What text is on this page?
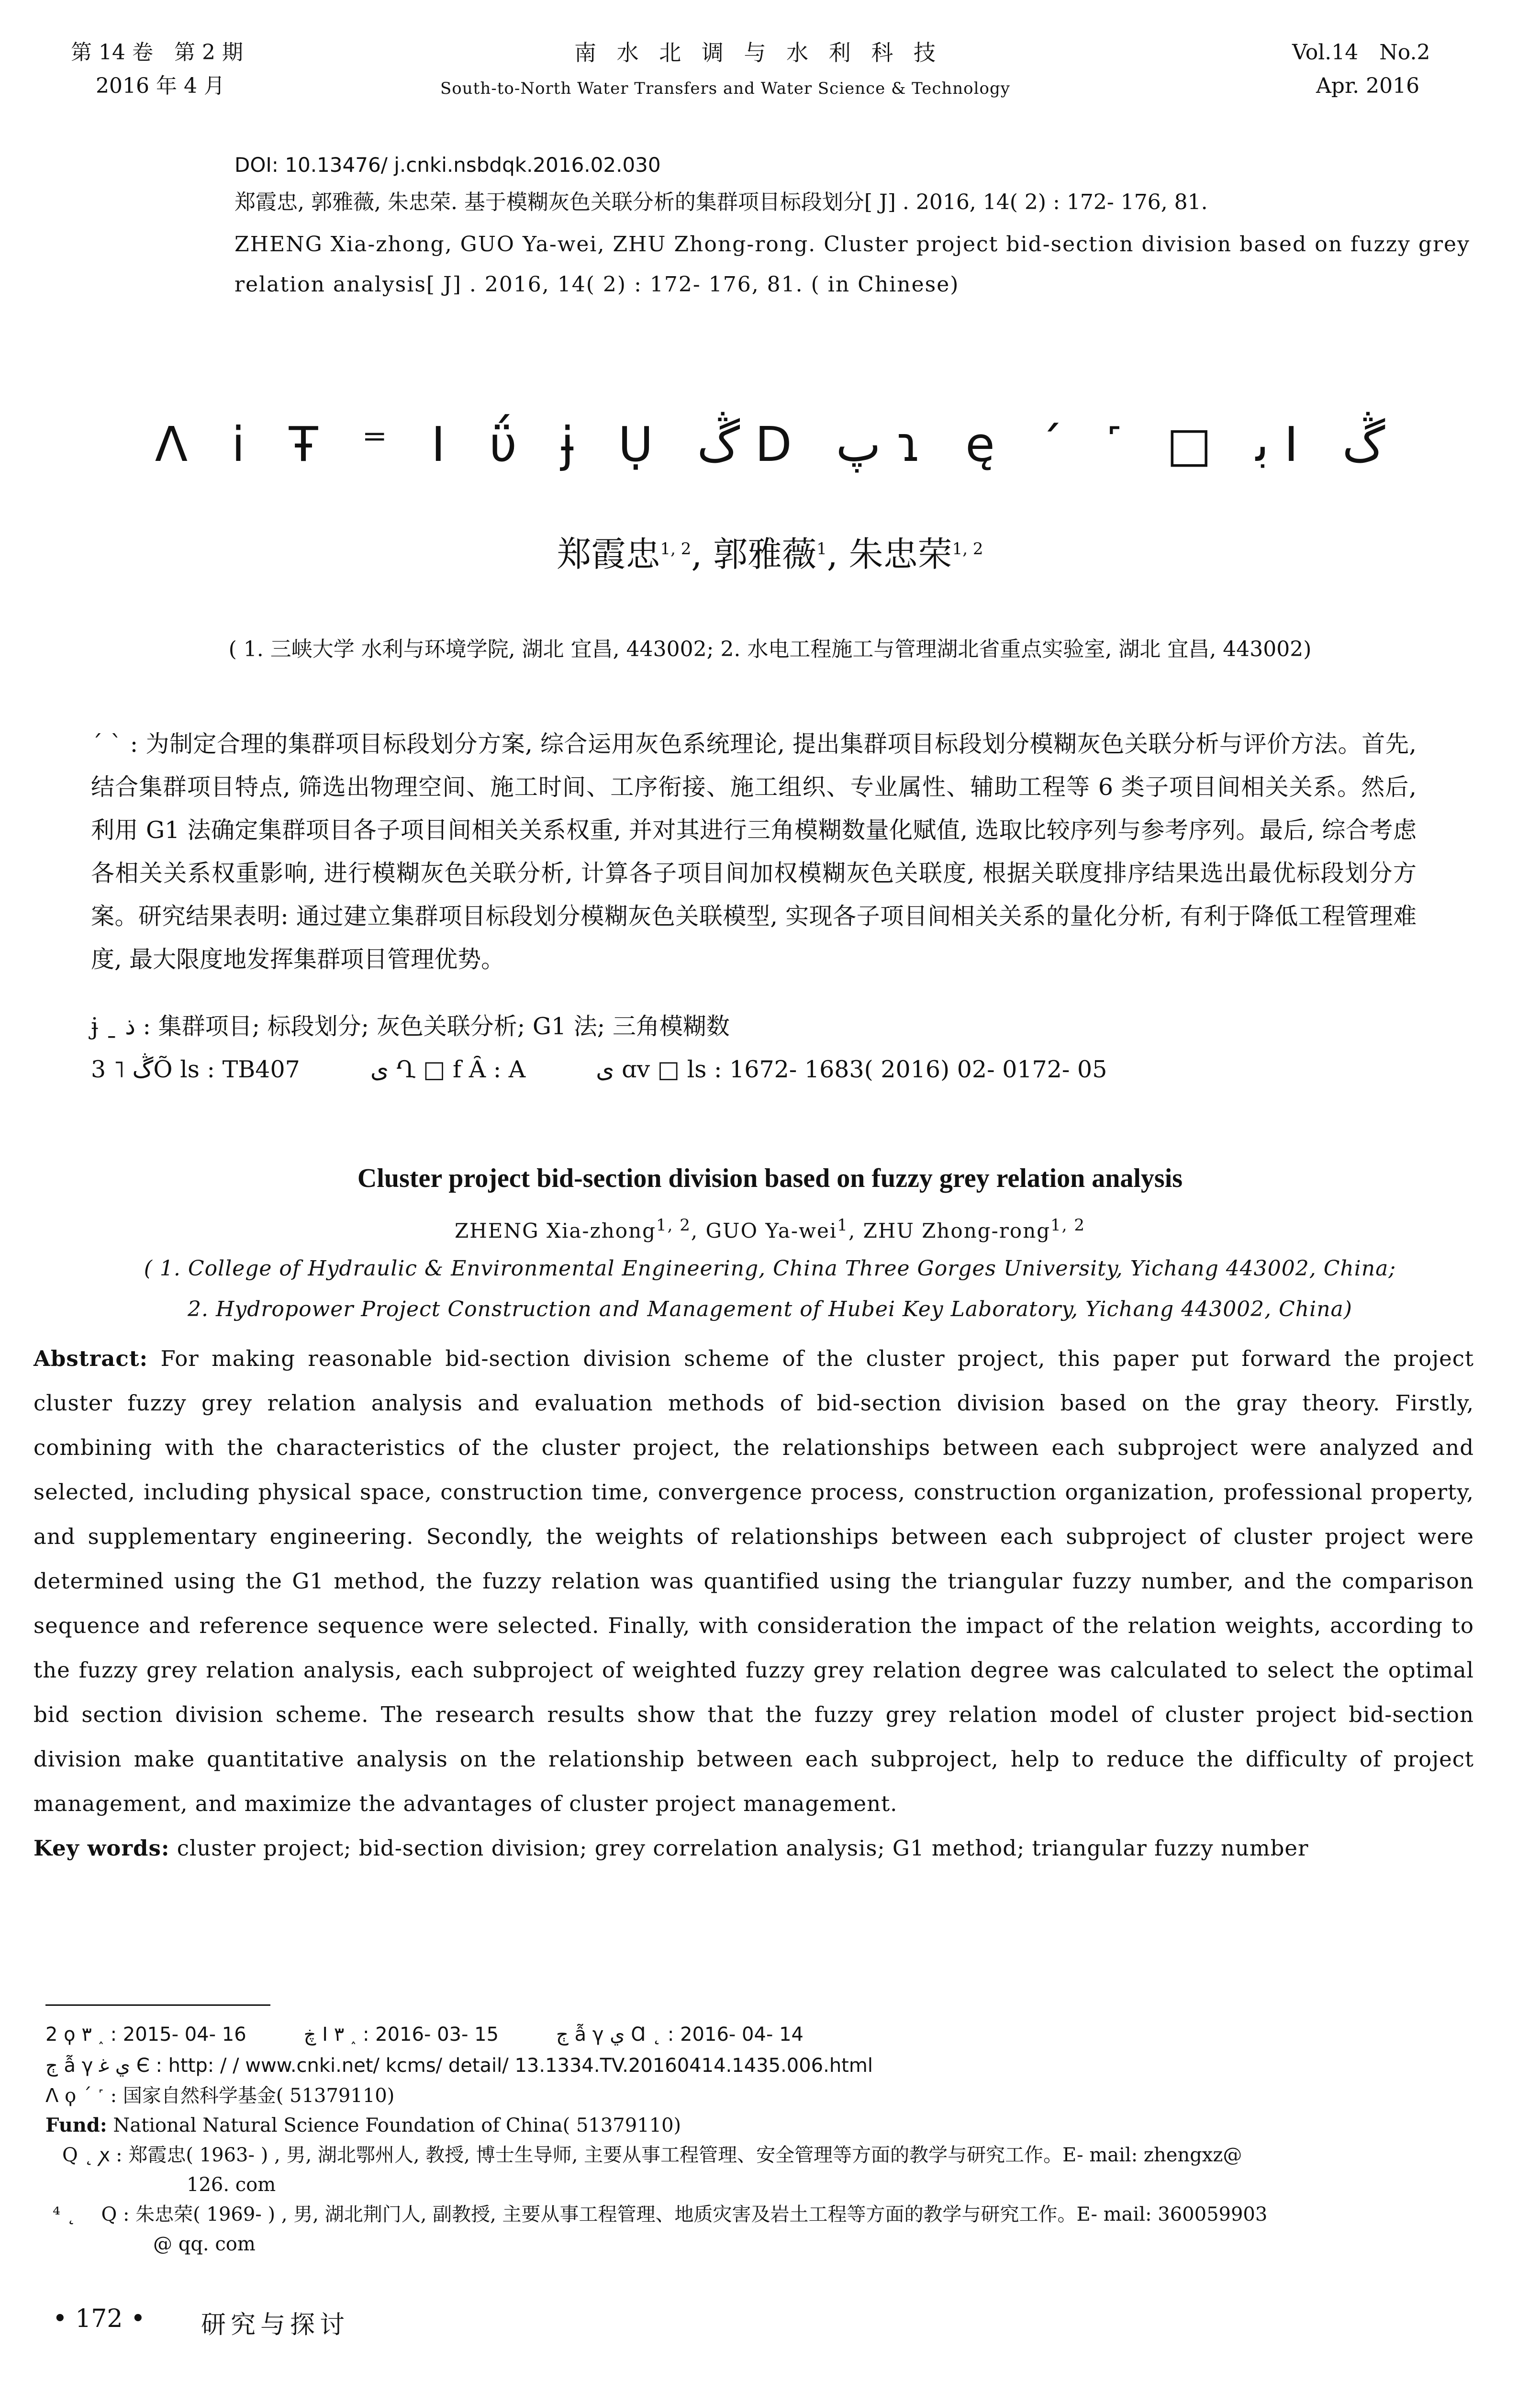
第 14 卷　第 2 期
2016 年 4 月
南 水 北 调 与 水 利 科 技
South-to-North Water Transfers and Water Science & Technology
Vol.14　No.2
Apr. 2016
DOI: 10.13476/ j.cnki.nsbdqk.2016.02.030
郑霞忠, 郭雅薇, 朱忠荣. 基于模糊灰色关联分析的集群项目标段划分[ J] . 2016, 14( 2) : 172- 176, 81.
ZHENG Xia-zhong, GUO Ya-wei, ZHU Zhong-rong. Cluster project bid-section division based on fuzzy grey
relation analysis[ J] . 2016, 14( 2) : 172- 176, 81. ( in Chinese)
ꓥ i Ŧ ⁼ ꓲ ΰ ɉ Ụ ڴ D پ ɿ ę ´ ˹ □ ﺑ ꓲ ڴ
郑霞忠$^{1, 2}$, 郭雅薇$^1$, 朱忠荣$^{1, 2}$
( 1. 三峡大学 水利与环境学院, 湖北 宜昌, 443002; 2. 水电工程施工与管理湖北省重点实验室, 湖北 宜昌, 443002)
´ ˋ : 为制定合理的集群项目标段划分方案, 综合运用灰色系统理论, 提出集群项目标段划分模糊灰色关联分析与评价方法。首先, 结合集群项目特点, 筛选出物理空间、施工时间、工序衔接、施工组织、专业属性、辅助工程等 6 类子项目间相关关系。然后, 利用 G1 法确定集群项目各子项目间相关关系权重, 并对其进行三角模糊数量化赋值, 选取比较序列与参考序列。最后, 综合考虑各相关关系权重影响, 进行模糊灰色关联分析, 计算各子项目间加权模糊灰色关联度, 根据关联度排序结果选出最优标段划分方案。研究结果表明: 通过建立集群项目标段划分模糊灰色关联模型, 实现各子项目间相关关系的量化分析, 有利于降低工程管理难度, 最大限度地发挥集群项目管理优势。
ɉ ˍ ذ : 集群项目; 标段划分; 灰色关联分析; G1 法; 三角模糊数
3 ˥ ڴÕ ls : TB407　　　ی Ղ □ f Ȃ : A　　　ی ɑv □ ls : 1672- 1683( 2016) 02- 0172- 05
Cluster project bid-section division based on fuzzy grey relation analysis
ZHENG Xia-zhong$^{1, 2}$, GUO Ya-wei$^1$, ZHU Zhong-rong$^{1, 2}$
( 1. College of Hydraulic & Environmental Engineering, China Three Gorges University, Yichang 443002, China;
2. Hydropower Project Construction and Management of Hubei Key Laboratory, Yichang 443002, China)
Abstract: For making reasonable bid-section division scheme of the cluster project, this paper put forward the project cluster fuzzy grey relation analysis and evaluation methods of bid-section division based on the gray theory. Firstly, combining with the characteristics of the cluster project, the relationships between each subproject were analyzed and selected, including physical space, construction time, convergence process, construction organization, professional property, and supplementary engineering. Secondly, the weights of relationships between each subproject of cluster project were determined using the G1 method, the fuzzy relation was quantified using the triangular fuzzy number, and the comparison sequence and reference sequence were selected. Finally, with consideration the impact of the relation weights, according to the fuzzy grey relation analysis, each subproject of weighted fuzzy grey relation degree was calculated to select the optimal bid section division scheme. The research results show that the fuzzy grey relation model of cluster project bid-section division make quantitative analysis on the relationship between each subproject, help to reduce the difficulty of project management, and maximize the advantages of cluster project management.
Key words: cluster project; bid-section division; grey correlation analysis; G1 method; triangular fuzzy number
2 ϙ ۳ ˰ : 2015- 04- 16　　　ڿ ꓲ ۳ ˰ : 2016- 03- 15　　　ڄ ẫ γ ي Ɑ ˛ : 2016- 04- 14
ڄ ẫ γ ي ﻏ Є : http: / / www.cnki.net/ kcms/ detail/ 13.1334.TV.20160414.1435.006.html
ꓥ ϙ ´ ˹ : 国家自然科学基金( 51379110)
Fund: National Natural Science Foundation of China( 51379110)
Q ˛ ꭗ : 郑霞忠( 1963- ) , 男, 湖北鄂州人, 教授, 博士生导师, 主要从事工程管理、安全管理等方面的教学与研究工作。E- mail: zhengxz@
126. com
⁴ ˛　 Q : 朱忠荣( 1969- ) , 男, 湖北荆门人, 副教授, 主要从事工程管理、地质灾害及岩土工程等方面的教学与研究工作。E- mail: 360059903
@ qq. com
• 172 • 研究与探讨
